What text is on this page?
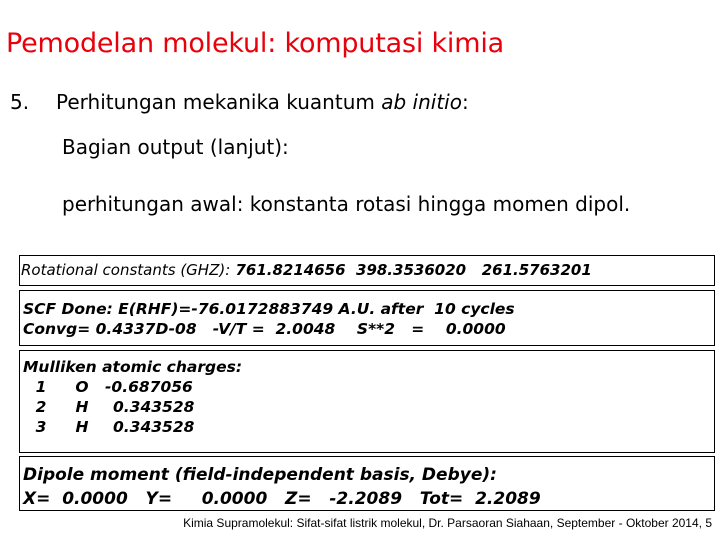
Pemodelan molekul: komputasi kimia
5. Perhitungan mekanika kuantum ab initio:
Bagian output (lanjut):
perhitungan awal: konstanta rotasi hingga momen dipol.
Rotational constants (GHZ): 761.8214656  398.3536020   261.5763201
SCF Done: E(RHF)=-76.0172883749 A.U. after  10 cycles
Convg= 0.4337D-08   -V/T =  2.0048    S**2   =    0.0000
Mulliken atomic charges:
1	O	-0.687056
2	H	0.343528
3	H	0.343528
Dipole moment (field-independent basis, Debye):
X=  0.0000   Y=     0.0000   Z=   -2.2089   Tot=  2.2089
Kimia Supramolekul: Sifat-sifat listrik molekul, Dr. Parsaoran Siahaan, September - Oktober 2014, 5
